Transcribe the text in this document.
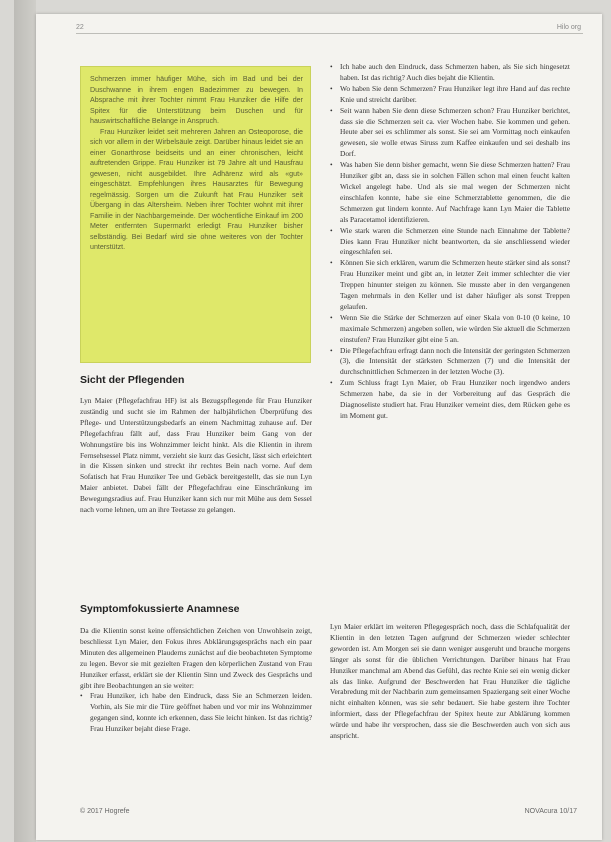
22	Hilo org

Schmerzen immer häufiger Mühe, sich im Bad und bei der Duschwanne in ihrem engen Badezimmer zu bewegen. In Absprache mit ihrer Tochter nimmt Frau Hunziker die Hilfe der Spitex für die Unterstützung beim Duschen und für hauswirtschaftliche Belange in Anspruch.

Frau Hunziker leidet seit mehreren Jahren an Osteoporose, die sich vor allem in der Wirbelsäule zeigt. Darüber hinaus leidet sie an einer Gonarthrose beidseits und an einer chronischen, leicht auftretenden Grippe. Frau Hunziker ist 79 Jahre alt und Hausfrau gewesen, nicht ausgebildet. Ihre Adhärenz wird als «gut» eingeschätzt. Empfehlungen ihres Hausarztes für Bewegung regelmässig. Sorgen um die Zukunft hat Frau Hunziker seit Übergang in das Altersheim. Neben ihrer Tochter wohnt mit ihrer Familie in der Nachbargemeinde. Der wöchentliche Einkauf im 200 Meter entfernten Supermarkt erledigt Frau Hunziker bisher selbständig. Bei Bedarf wird sie ohne weiteres von der Tochter unterstützt.

Sicht der Pflegenden
Lyn Maier (Pflegefachfrau HF) ist als Bezugspflegende für Frau Hunziker zuständig und sucht sie im Rahmen der halbjährlichen Überprüfung des Pflege- und Unterstützungsbedarfs an einem Nachmittag zuhause auf. Der Pflegefachfrau fällt auf, dass Frau Hunziker beim Gang von der Wohnungstüre bis ins Wohnzimmer leicht hinkt. Als die Klientin in ihrem Fernsehsessel Platz nimmt, verzieht sie kurz das Gesicht, lässt sich erleichtert in die Kissen sinken und streckt ihr rechtes Bein nach vorne. Auf dem Sofatisch hat Frau Hunziker Tee und Gebäck bereitgestellt, das sie nun Lyn Maier anbietet. Dabei fällt der Pflegefachfrau eine Einschränkung im Bewegungsradius auf. Frau Hunziker kann sich nur mit Mühe aus dem Sessel nach vorne lehnen, um an ihre Teetasse zu gelangen.
Symptomfokussierte Anamnese
Da die Klientin sonst keine offensichtlichen Zeichen von Unwohlsein zeigt, beschliesst Lyn Maier, den Fokus ihres Abklärungsgesprächs nach ein paar Minuten des allgemeinen Plauderns zunächst auf die beobachteten Symptome zu legen. Bevor sie mit gezielten Fragen den körperlichen Zustand von Frau Hunziker erfasst, erklärt sie der Klientin Sinn und Zweck des Gesprächs und gibt ihre Beobachtungen an sie weiter:
• Frau Hunziker, ich habe den Eindruck, dass Sie an Schmerzen leiden. Vorhin, als Sie mir die Türe geöffnet haben und vor mir ins Wohnzimmer gegangen sind, konnte ich erkennen, dass Sie leicht hinken. Ist das richtig? Frau Hunziker bejaht diese Frage.
• Ich habe auch den Eindruck, dass Schmerzen haben, als Sie sich hingesetzt haben. Ist das richtig? Auch dies bejaht die Klientin.
• Wo haben Sie denn Schmerzen? Frau Hunziker legt ihre Hand auf das rechte Knie und streicht darüber.
• Seit wann haben Sie denn diese Schmerzen schon? Frau Hunziker berichtet, dass sie die Schmerzen seit ca. vier Wochen habe. Sie kommen und gehen. Heute aber sei es schlimmer als sonst. Sie sei am Vormittag noch einkaufen gewesen, sie wolle etwas Siruss zum Kaffee einkaufen und sei deshalb ins Dorf.
• Was haben Sie denn bisher gemacht, wenn Sie diese Schmerzen hatten? Frau Hunziker gibt an, dass sie in solchen Fällen schon mal einen feucht kalten Wickel angelegt habe. Und als sie mal wegen der Schmerzen nicht einschlafen konnte, habe sie eine Schmerztablette genommen, die die Schmerzen gut lindern konnte. Auf Nachfrage kann Lyn Maier die Tablette als Paracetamol identifizieren.
• Wie stark waren die Schmerzen eine Stunde nach Einnahme der Tablette? Dies kann Frau Hunziker nicht beantworten, da sie anschliessend wieder eingeschlafen sei.
• Können Sie sich erklären, warum die Schmerzen heute stärker sind als sonst? Frau Hunziker meint und gibt an, in letzter Zeit immer schlechter die vier Treppen hinunter steigen zu können. Sie musste aber in den vergangenen Tagen mehrmals in den Keller und ist daher häufiger als sonst Treppen gelaufen.
• Wenn Sie die Stärke der Schmerzen auf einer Skala von 0-10 (0 keine, 10 maximale Schmerzen) angeben sollen, wie würden Sie aktuell die Schmerzen einstufen? Frau Hunziker gibt eine 5 an.
• Die Pflegefachfrau erfragt dann noch die Intensität der geringsten Schmerzen (3), die Intensität der stärksten Schmerzen (7) und die Intensität der durchschnittlichen Schmerzen in der letzten Woche (3).
• Zum Schluss fragt Lyn Maier, ob Frau Hunziker noch irgendwo anders Schmerzen habe, da sie in der Vorbereitung auf das Gespräch die Diagnoseliste studiert hat. Frau Hunziker verneint dies, dem Rücken gehe es im Moment gut.
Lyn Maier erklärt im weiteren Pflegegespräch noch, dass die Schlafqualität der Klientin in den letzten Tagen aufgrund der Schmerzen wieder schlechter geworden ist. Am Morgen sei sie dann weniger ausgeruht und brauche morgens länger als sonst für die üblichen Verrichtungen. Darüber hinaus hat Frau Hunziker manchmal am Abend das Gefühl, das rechte Knie sei ein wenig dicker als das linke. Aufgrund der Beschwerden hat Frau Hunziker die tägliche Verabredung mit der Nachbarin zum gemeinsamen Spaziergang seit einer Woche nicht einhalten können, was sie sehr bedauert. Sie habe gestern ihre Tochter informiert, dass der Pflegefachfrau der Spitex heute zur Abklärung kommen würde und habe ihr versprochen, dass sie die Beschwerden auch von sich aus anspricht.
© 2017 Hogrefe	NOVAcura 10/17
